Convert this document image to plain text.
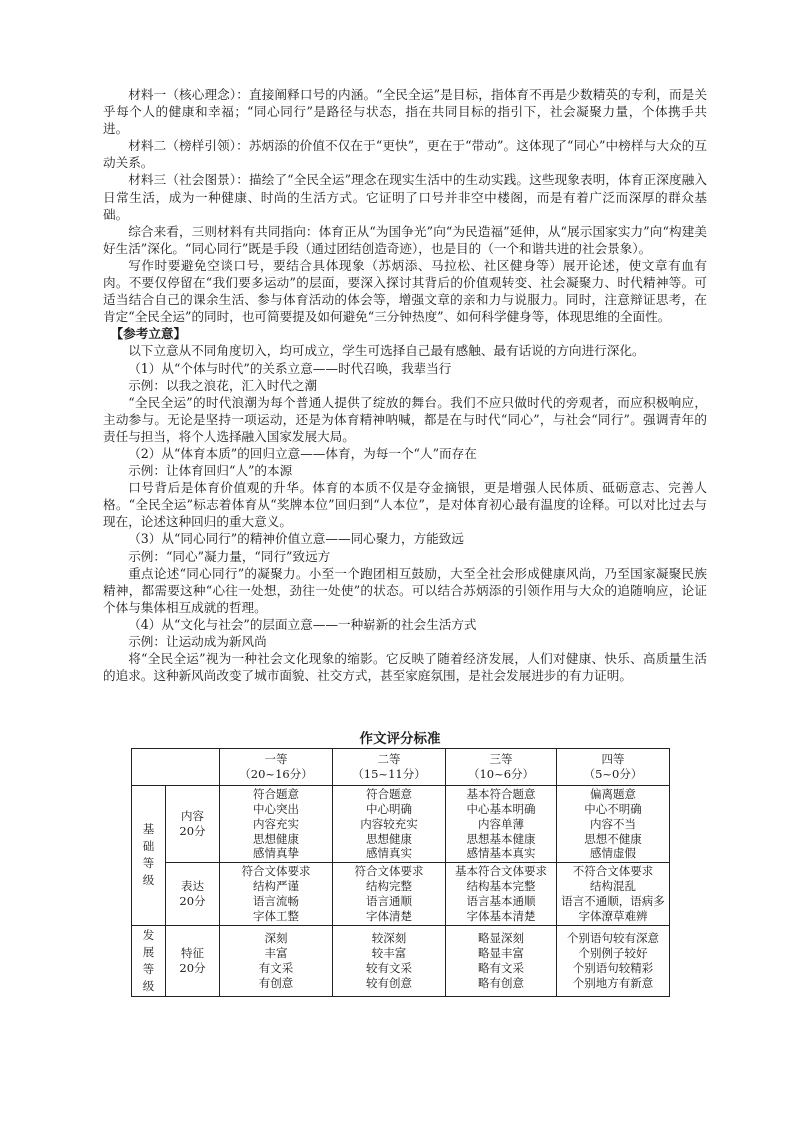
材料一（核心理念）：直接阐释口号的内涵。“全民全运”是目标，指体育不再是少数精英的专利，而是关乎每个人的健康和幸福；“同心同行”是路径与状态，指在共同目标的指引下，社会凝聚力量，个体携手共进。

材料二（榜样引领）：苏炳添的价值不仅在于“更快”，更在于“带动”。这体现了“同心”中榜样与大众的互动关系。

材料三（社会图景）：描绘了“全民全运”理念在现实生活中的生动实践。这些现象表明，体育正深度融入日常生活，成为一种健康、时尚的生活方式。它证明了口号并非空中楼阁，而是有着广泛而深厚的群众基础。

综合来看，三则材料有共同指向：体育正从“为国争光”向“为民造福”延伸，从“展示国家实力”向“构建美好生活”深化。“同心同行”既是手段（通过团结创造奇迹），也是目的（一个和谐共进的社会景象）。

写作时要避免空谈口号，要结合具体现象（苏炳添、马拉松、社区健身等）展开论述，使文章有血有肉。不要仅停留在“我们要多运动”的层面，要深入探讨其背后的价值观转变、社会凝聚力、时代精神等。可适当结合自己的课余生活、参与体育活动的体会等，增强文章的亲和力与说服力。同时，注意辩证思考，在肯定“全民全运”的同时，也可简要提及如何避免“三分钟热度”、如何科学健身等，体现思维的全面性。

【参考立意】

以下立意从不同角度切入，均可成立，学生可选择自己最有感触、最有话说的方向进行深化。

（1）从“个体与时代”的关系立意——时代召唤，我辈当行

示例：以我之浪花，汇入时代之潮

“全民全运”的时代浪潮为每个普通人提供了绽放的舞台。我们不应只做时代的旁观者，而应积极响应，主动参与。无论是坚持一项运动，还是为体育精神呐喊，都是在与时代“同心”，与社会“同行”。强调青年的责任与担当，将个人选择融入国家发展大局。

（2）从“体育本质”的回归立意——体育，为每一个“人”而存在

示例：让体育回归“人”的本源

口号背后是体育价值观的升华。体育的本质不仅是夺金摘银，更是增强人民体质、砥砺意志、完善人格。“全民全运”标志着体育从“奖牌本位”回归到“人本位”，是对体育初心最有温度的诠释。可以对比过去与现在，论述这种回归的重大意义。

（3）从“同心同行”的精神价值立意——同心聚力，方能致远

示例：“同心”凝力量，“同行”致远方

重点论述“同心同行”的凝聚力。小至一个跑团相互鼓励，大至全社会形成健康风尚，乃至国家凝聚民族精神，都需要这种“心往一处想，劲往一处使”的状态。可以结合苏炳添的引领作用与大众的追随响应，论证个体与集体相互成就的哲理。

（4）从“文化与社会”的层面立意——一种崭新的社会生活方式

示例：让运动成为新风尚

将“全民全运”视为一种社会文化现象的缩影。它反映了随着经济发展，人们对健康、快乐、高质量生活的追求。这种新风尚改变了城市面貌、社交方式，甚至家庭氛围，是社会发展进步的有力证明。

作文评分标准

		一等
（20~16分）	二等
（15~11分）	三等
（10~6分）	四等
（5~0分）

基
础
等
级	内容
20分	符合题意
中心突出
内容充实
思想健康
感情真挚	符合题意
中心明确
内容较充实
思想健康
感情真实	基本符合题意
中心基本明确
内容单薄
思想基本健康
感情基本真实	偏离题意
中心不明确
内容不当
思想不健康
感情虚假

	表达
20分	符合文体要求
结构严谨
语言流畅
字体工整	符合文体要求
结构完整
语言通顺
字体清楚	基本符合文体要求
结构基本完整
语言基本通顺
字体基本清楚	不符合文体要求
结构混乱
语言不通顺，语病多
字体潦草难辨

发
展
等
级	特征
20分	深刻
丰富
有文采
有创意	较深刻
较丰富
较有文采
较有创意	略显深刻
略显丰富
略有文采
略有创意	个别语句较有深意
个别例子较好
个别语句较精彩
个别地方有新意
